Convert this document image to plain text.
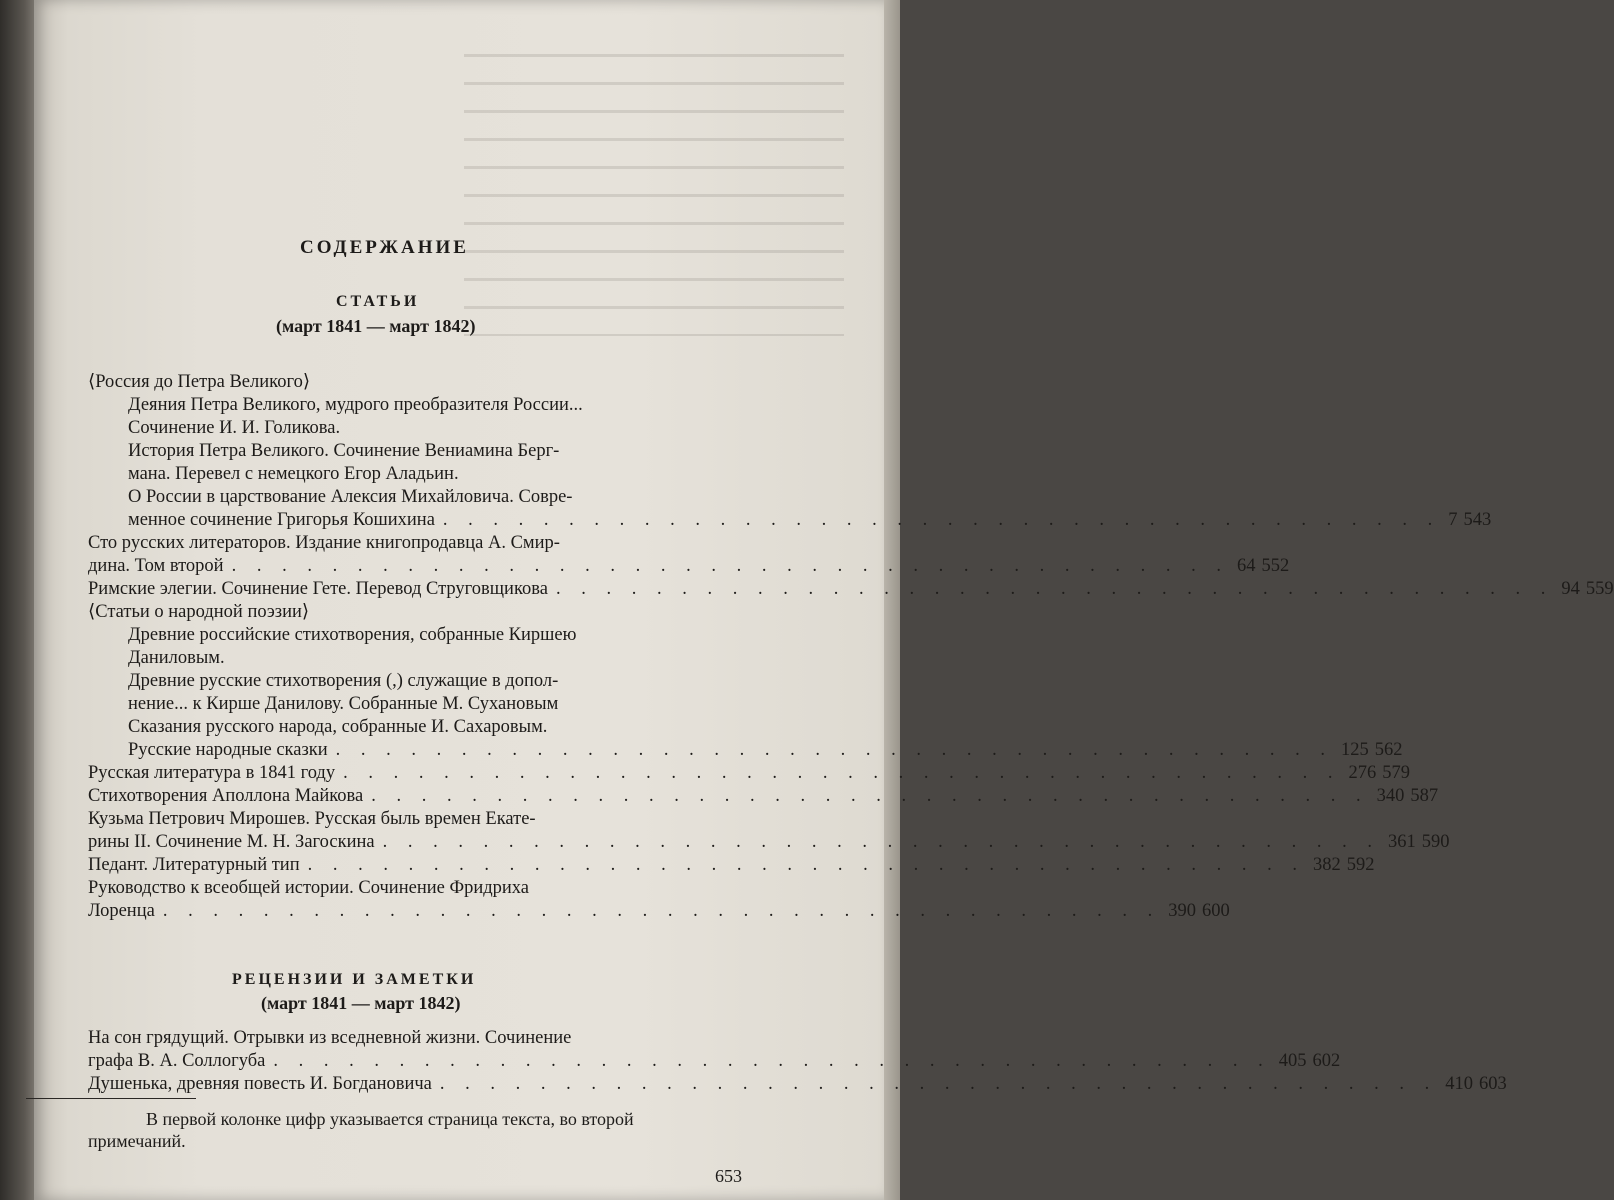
СОДЕРЖАНИЕ
СТАТЬИ
(март 1841 — март 1842)
⟨Россия до Петра Великого⟩
Деяния Петра Великого, мудрого преобразителя России...
Сочинение И. И. Голикова.
История Петра Великого. Сочинение Вениамина Берг-
мана. Перевел с немецкого Егор Аладьин.
О России в царствование Алексия Михайловича. Совре-
менное сочинение Григорья Кошихина . . . . . . . . . . . . . . . . . . . . . . . . . . . . . . . . . . . . . . . . 7 543
Сто русских литераторов. Издание книгопродавца А. Смир-
дина. Том второй . . . . . . . . . . . . . . . . . . . . . . . . . . . . . . . . . . . . . . . . 64 552
Римские элегии. Сочинение Гете. Перевод Струговщикова . . . . . . . . . . . . . . . . . . . . . . . . . . . . . . . . . . . . . . . . 94 559
⟨Статьи о народной поэзии⟩
Древние российские стихотворения, собранные Киршею
Даниловым.
Древние русские стихотворения (,) служащие в допол-
нение... к Кирше Данилову. Собранные М. Сухановым
Сказания русского народа, собранные И. Сахаровым.
Русские народные сказки . . . . . . . . . . . . . . . . . . . . . . . . . . . . . . . . . . . . . . . . 125 562
Русская литература в 1841 году . . . . . . . . . . . . . . . . . . . . . . . . . . . . . . . . . . . . . . . . 276 579
Стихотворения Аполлона Майкова . . . . . . . . . . . . . . . . . . . . . . . . . . . . . . . . . . . . . . . . 340 587
Кузьма Петрович Мирошев. Русская быль времен Екате-
рины II. Сочинение М. Н. Загоскина . . . . . . . . . . . . . . . . . . . . . . . . . . . . . . . . . . . . . . . . 361 590
Педант. Литературный тип . . . . . . . . . . . . . . . . . . . . . . . . . . . . . . . . . . . . . . . . 382 592
Руководство к всеобщей истории. Сочинение Фридриха
Лоренца . . . . . . . . . . . . . . . . . . . . . . . . . . . . . . . . . . . . . . . . 390 600
РЕЦЕНЗИИ И ЗАМЕТКИ
(март 1841 — март 1842)
На сон грядущий. Отрывки из вседневной жизни. Сочинение
графа В. А. Соллогуба . . . . . . . . . . . . . . . . . . . . . . . . . . . . . . . . . . . . . . . . 405 602
Душенька, древняя повесть И. Богдановича . . . . . . . . . . . . . . . . . . . . . . . . . . . . . . . . . . . . . . . . 410 603
В первой колонке цифр указывается страница текста, во второй
примечаний.
653
